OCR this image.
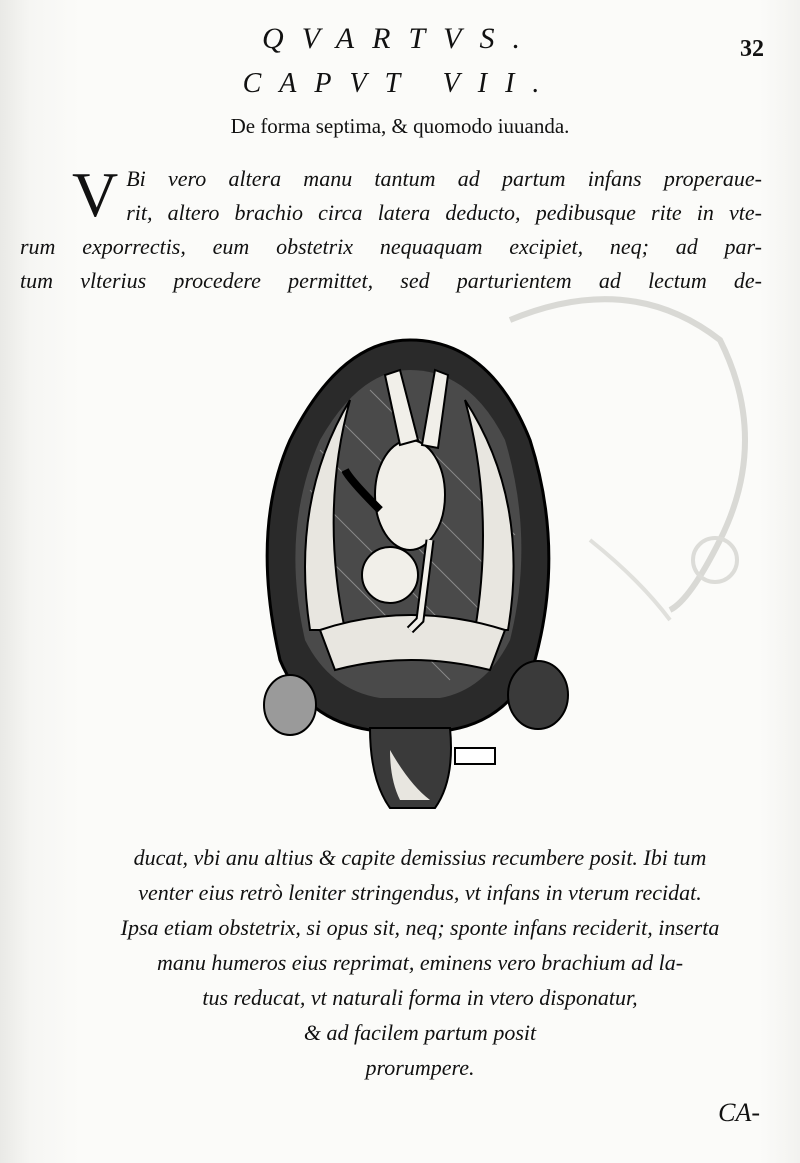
QVARTVS.	32
CAPVT VII.
De forma septima, & quomodo iuuanda.
V Bi vero altera manu tantum ad partum infans properaue-
rit, altero brachio circa latera deducto, pedibusque rite in vte-
rum exporrectis, eum obstetrix nequaquam excipiet, neq; ad par-
tum vlterius procedere permittet, sed parturientem ad lectum de-
ducat, vbi anu altius & capite demissius recumbere posit. Ibi tum
venter eius retrò leniter stringendus, vt infans in vterum recidat.
Ipsa etiam obstetrix, si opus sit, neq; sponte infans reciderit, inserta
manu humeros eius reprimat, eminens vero brachium ad la-
tus reducat, vt naturali forma in vtero disponatur,
& ad facilem partum posit
prorumpere.
CA-
